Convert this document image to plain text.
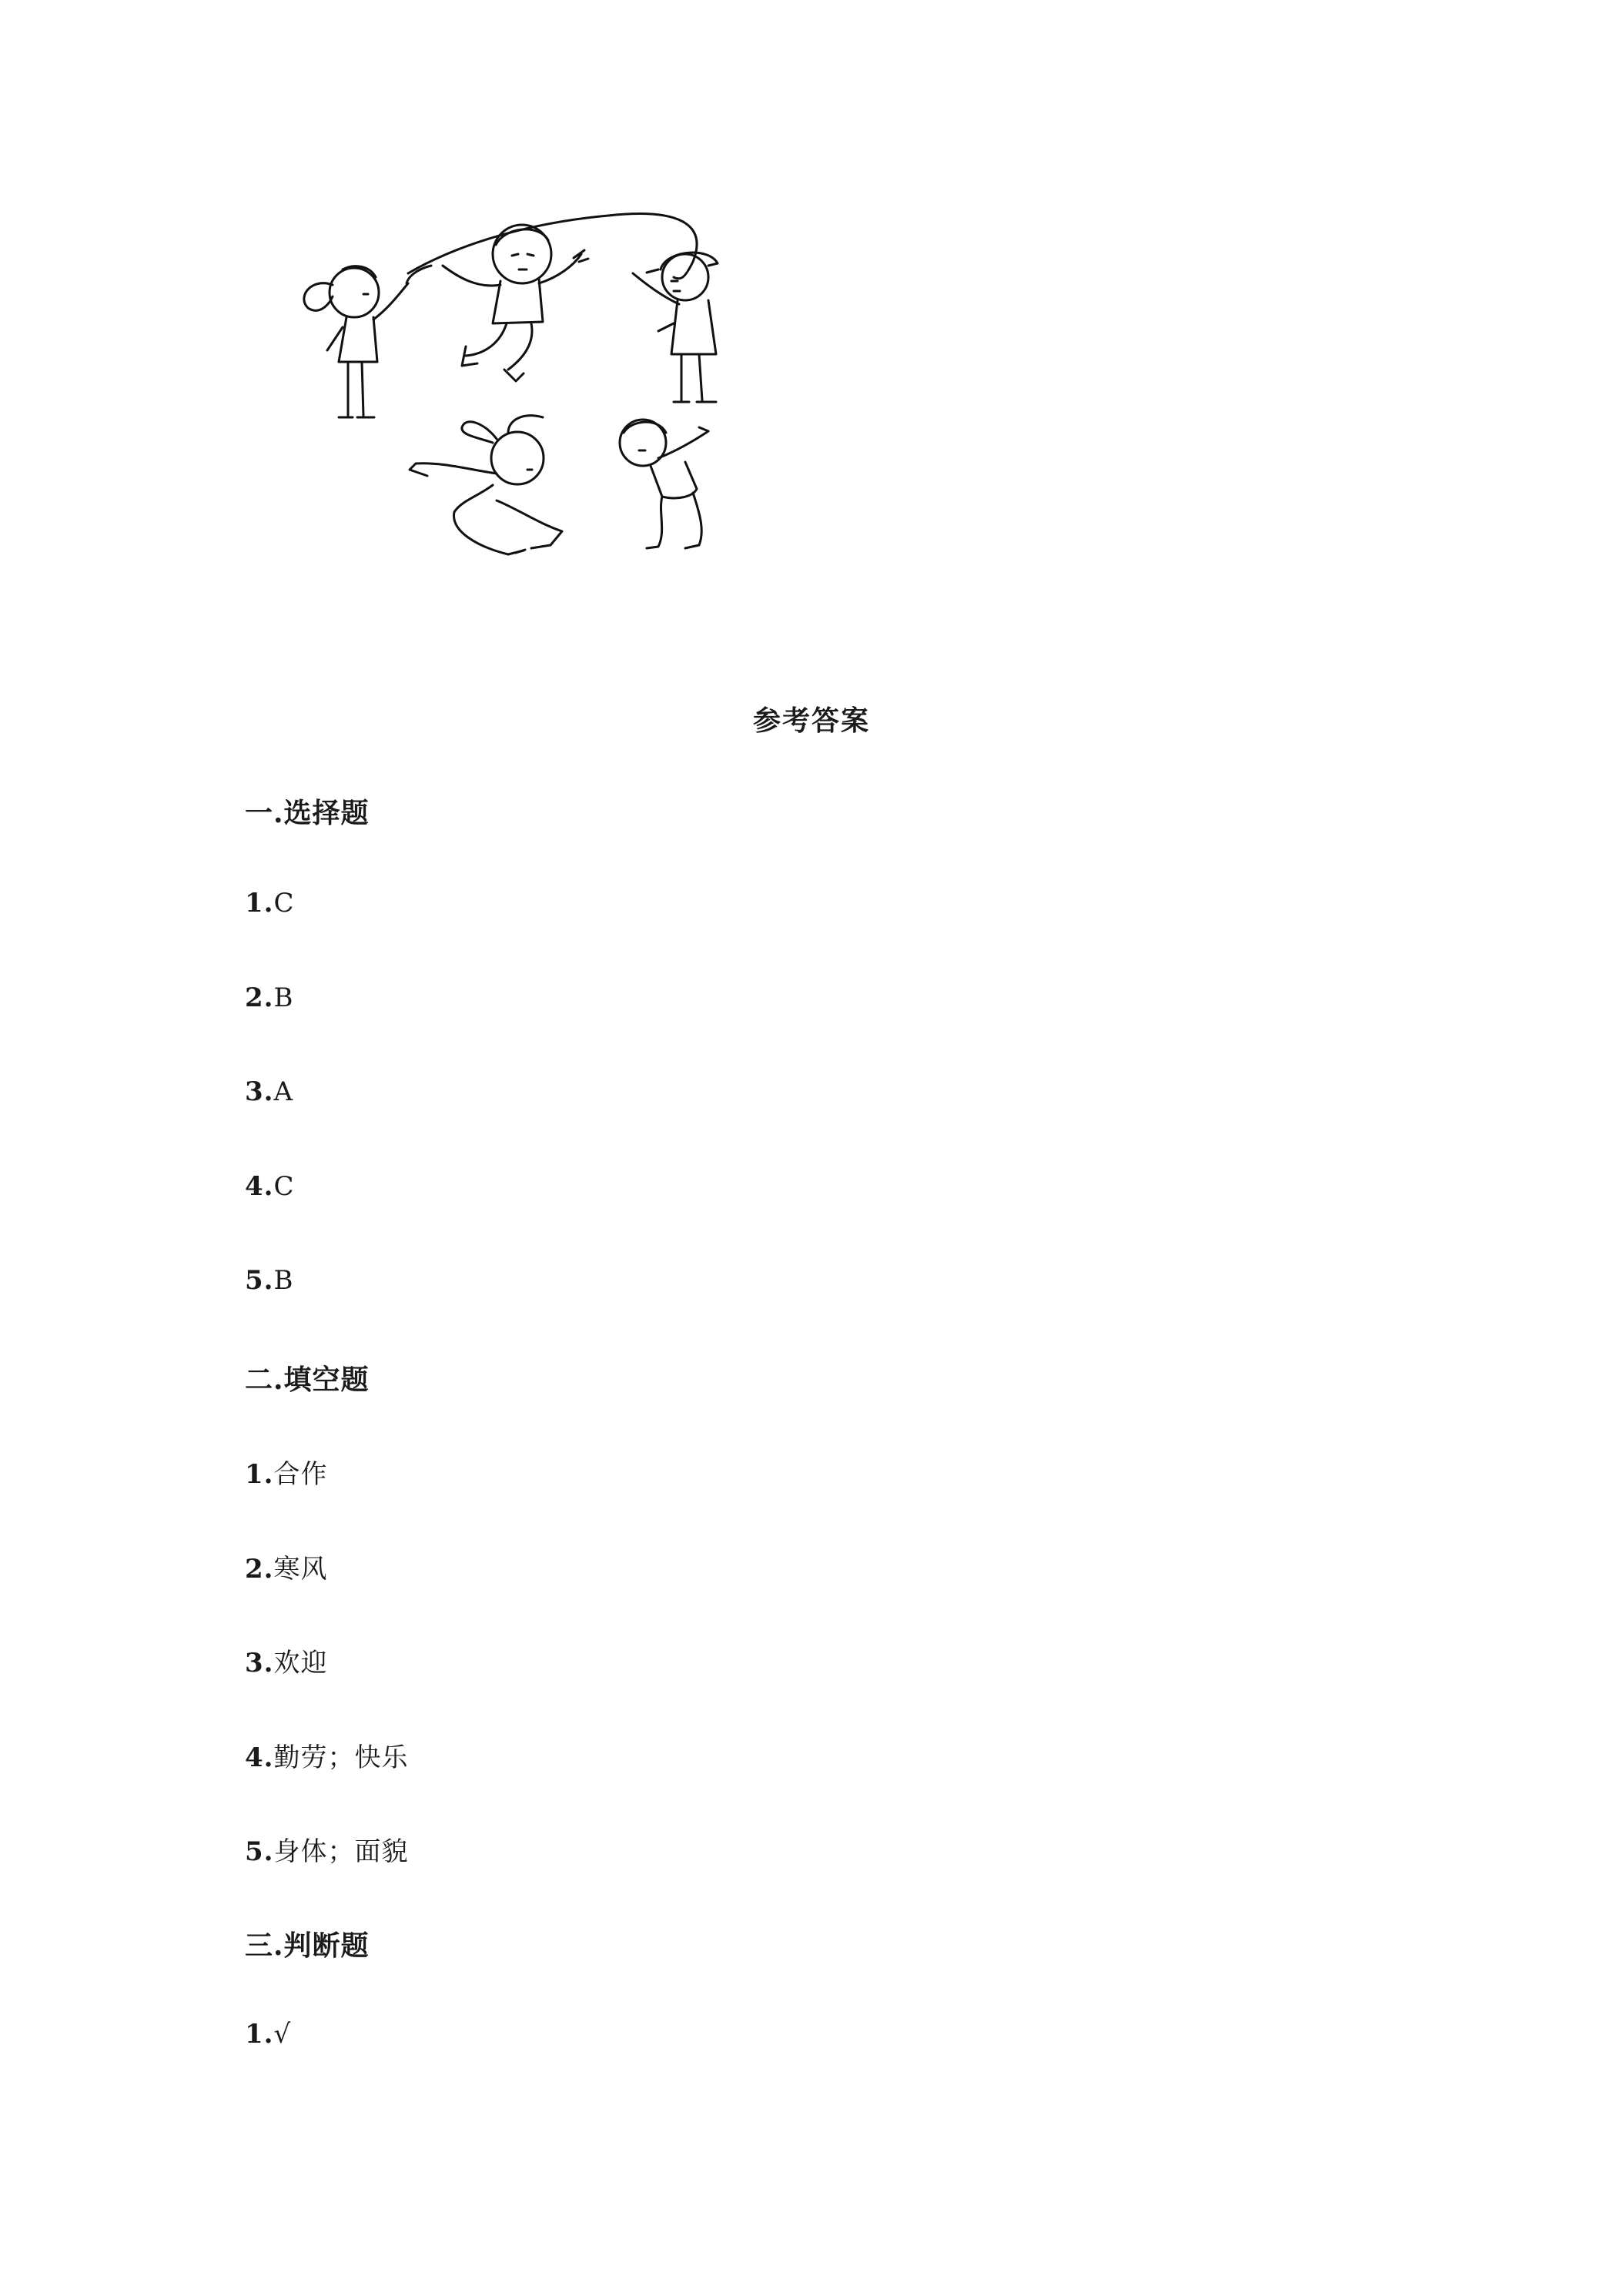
参考答案
一.选择题
1.C
2.B
3.A
4.C
5.B
二.填空题
1.合作
2.寒风
3.欢迎
4.勤劳；快乐
5.身体；面貌
三.判断题
1.√
